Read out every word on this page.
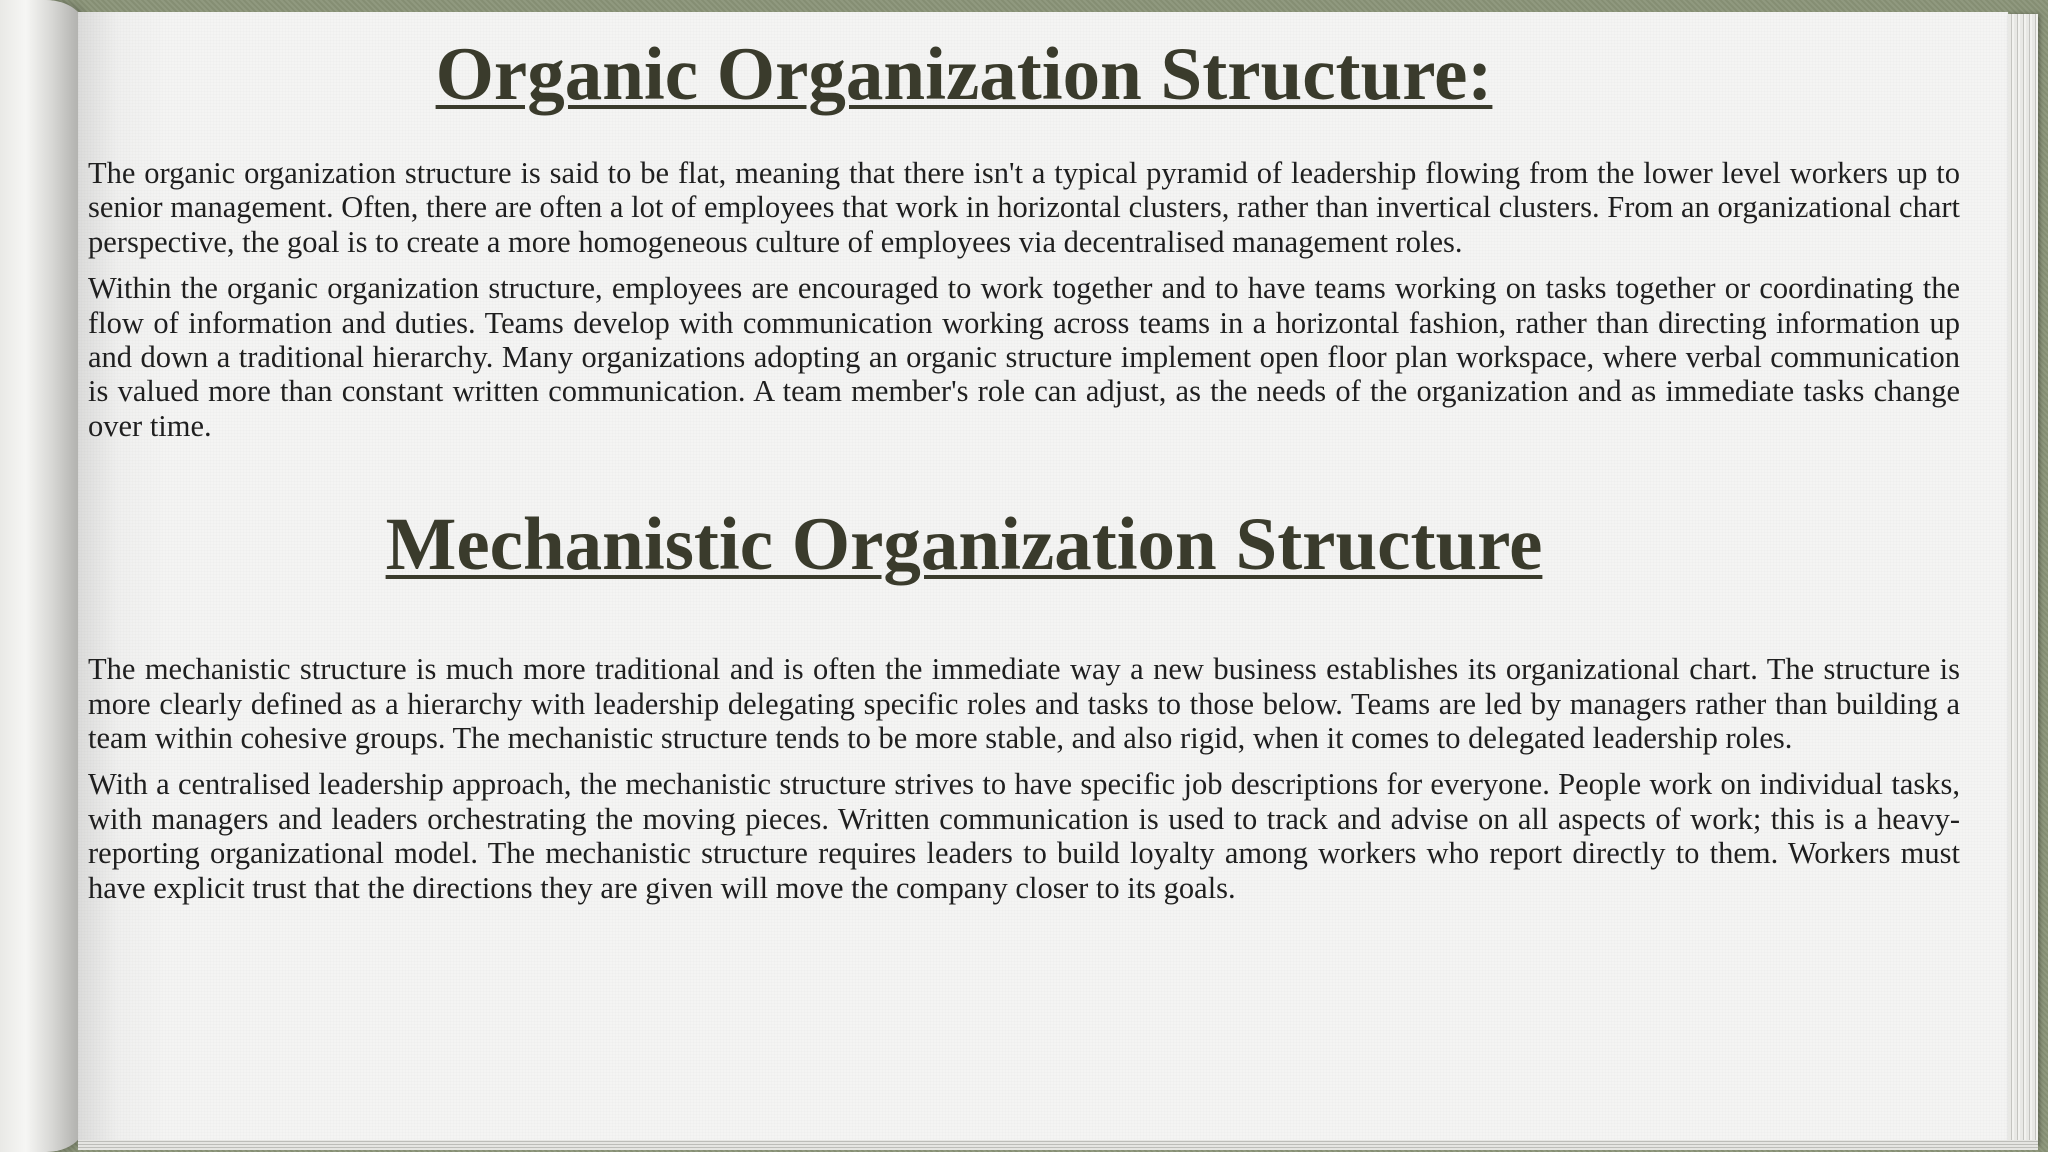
Organic Organization Structure:

The organic organization structure is said to be flat, meaning that there isn't a typical pyramid of leadership flowing from the lower level workers up to senior management. Often, there are often a lot of employees that work in horizontal clusters, rather than invertical clusters. From an organizational chart perspective, the goal is to create a more homogeneous culture of employees via decentralised management roles.

Within the organic organization structure, employees are encouraged to work together and to have teams working on tasks together or coordinating the flow of information and duties. Teams develop with communication working across teams in a horizontal fashion, rather than directing information up and down a traditional hierarchy. Many organizations adopting an organic structure implement open floor plan workspace, where verbal communication is valued more than constant written communication. A team member's role can adjust, as the needs of the organization and as immediate tasks change over time.

Mechanistic Organization Structure

The mechanistic structure is much more traditional and is often the immediate way a new business establishes its organizational chart. The structure is more clearly defined as a hierarchy with leadership delegating specific roles and tasks to those below. Teams are led by managers rather than building a team within cohesive groups. The mechanistic structure tends to be more stable, and also rigid, when it comes to delegated leadership roles.

With a centralised leadership approach, the mechanistic structure strives to have specific job descriptions for everyone. People work on individual tasks, with managers and leaders orchestrating the moving pieces. Written communication is used to track and advise on all aspects of work; this is a heavy-reporting organizational model. The mechanistic structure requires leaders to build loyalty among workers who report directly to them. Workers must have explicit trust that the directions they are given will move the company closer to its goals.
